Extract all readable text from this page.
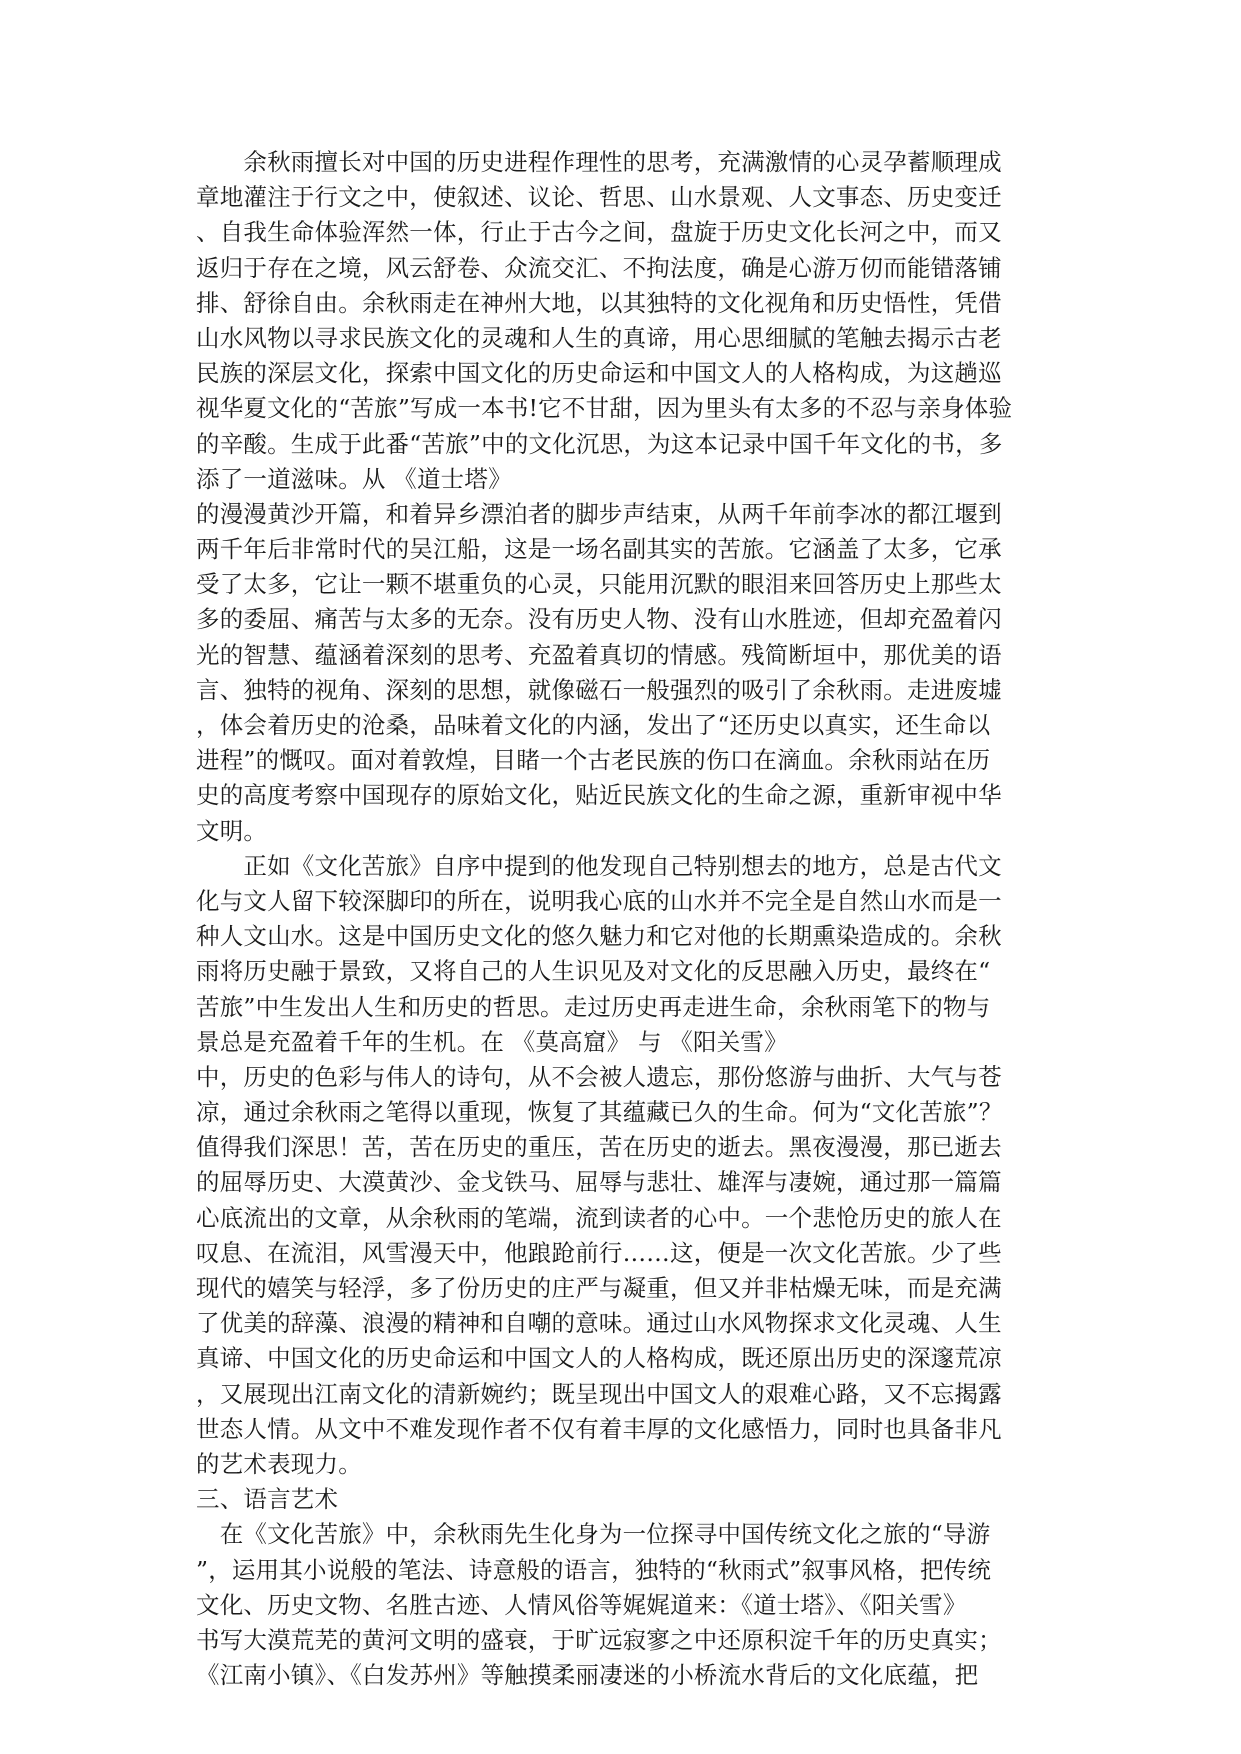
　　余秋雨擅长对中国的历史进程作理性的思考，充满激情的心灵孕蓄顺理成
章地灌注于行文之中，使叙述、议论、哲思、山水景观、人文事态、历史变迁
、自我生命体验浑然一体，行止于古今之间，盘旋于历史文化长河之中，而又
返归于存在之境，风云舒卷、众流交汇、不拘法度，确是心游万仞而能错落铺
排、舒徐自由。余秋雨走在神州大地，以其独特的文化视角和历史悟性，凭借
山水风物以寻求民族文化的灵魂和人生的真谛，用心思细腻的笔触去揭示古老
民族的深层文化，探索中国文化的历史命运和中国文人的人格构成，为这趟巡
视华夏文化的“苦旅”写成一本书!它不甘甜，因为里头有太多的不忍与亲身体验
的辛酸。生成于此番“苦旅”中的文化沉思，为这本记录中国千年文化的书，多
添了一道滋味。从 《道士塔》
的漫漫黄沙开篇，和着异乡漂泊者的脚步声结束，从两千年前李冰的都江堰到
两千年后非常时代的吴江船，这是一场名副其实的苦旅。它涵盖了太多，它承
受了太多，它让一颗不堪重负的心灵，只能用沉默的眼泪来回答历史上那些太
多的委屈、痛苦与太多的无奈。没有历史人物、没有山水胜迹，但却充盈着闪
光的智慧、蕴涵着深刻的思考、充盈着真切的情感。残简断垣中，那优美的语
言、独特的视角、深刻的思想，就像磁石一般强烈的吸引了余秋雨。走进废墟
，体会着历史的沧桑，品味着文化的内涵，发出了“还历史以真实，还生命以
进程”的慨叹。面对着敦煌，目睹一个古老民族的伤口在滴血。余秋雨站在历
史的高度考察中国现存的原始文化，贴近民族文化的生命之源，重新审视中华
文明。
　　正如《文化苦旅》自序中提到的他发现自己特别想去的地方，总是古代文
化与文人留下较深脚印的所在，说明我心底的山水并不完全是自然山水而是一
种人文山水。这是中国历史文化的悠久魅力和它对他的长期熏染造成的。余秋
雨将历史融于景致，又将自己的人生识见及对文化的反思融入历史，最终在“
苦旅”中生发出人生和历史的哲思。走过历史再走进生命，余秋雨笔下的物与
景总是充盈着千年的生机。在 《莫高窟》 与 《阳关雪》
中，历史的色彩与伟人的诗句，从不会被人遗忘，那份悠游与曲折、大气与苍
凉，通过余秋雨之笔得以重现，恢复了其蕴藏已久的生命。何为“文化苦旅”？
值得我们深思！苦，苦在历史的重压，苦在历史的逝去。黑夜漫漫，那已逝去
的屈辱历史、大漠黄沙、金戈铁马、屈辱与悲壮、雄浑与凄婉，通过那一篇篇
心底流出的文章，从余秋雨的笔端，流到读者的心中。一个悲怆历史的旅人在
叹息、在流泪，风雪漫天中，他踉跄前行……这，便是一次文化苦旅。少了些
现代的嬉笑与轻浮，多了份历史的庄严与凝重，但又并非枯燥无味，而是充满
了优美的辞藻、浪漫的精神和自嘲的意味。通过山水风物探求文化灵魂、人生
真谛、中国文化的历史命运和中国文人的人格构成，既还原出历史的深邃荒凉
，又展现出江南文化的清新婉约；既呈现出中国文人的艰难心路，又不忘揭露
世态人情。从文中不难发现作者不仅有着丰厚的文化感悟力，同时也具备非凡
的艺术表现力。
三、语言艺术
　在《文化苦旅》中，余秋雨先生化身为一位探寻中国传统文化之旅的“导游
”，运用其小说般的笔法、诗意般的语言，独特的“秋雨式”叙事风格，把传统
文化、历史文物、名胜古迹、人情风俗等娓娓道来：《道士塔》、《阳关雪》
书写大漠荒芜的黄河文明的盛衰，于旷远寂寥之中还原积淀千年的历史真实；
《江南小镇》、《白发苏州》等触摸柔丽凄迷的小桥流水背后的文化底蕴，把
